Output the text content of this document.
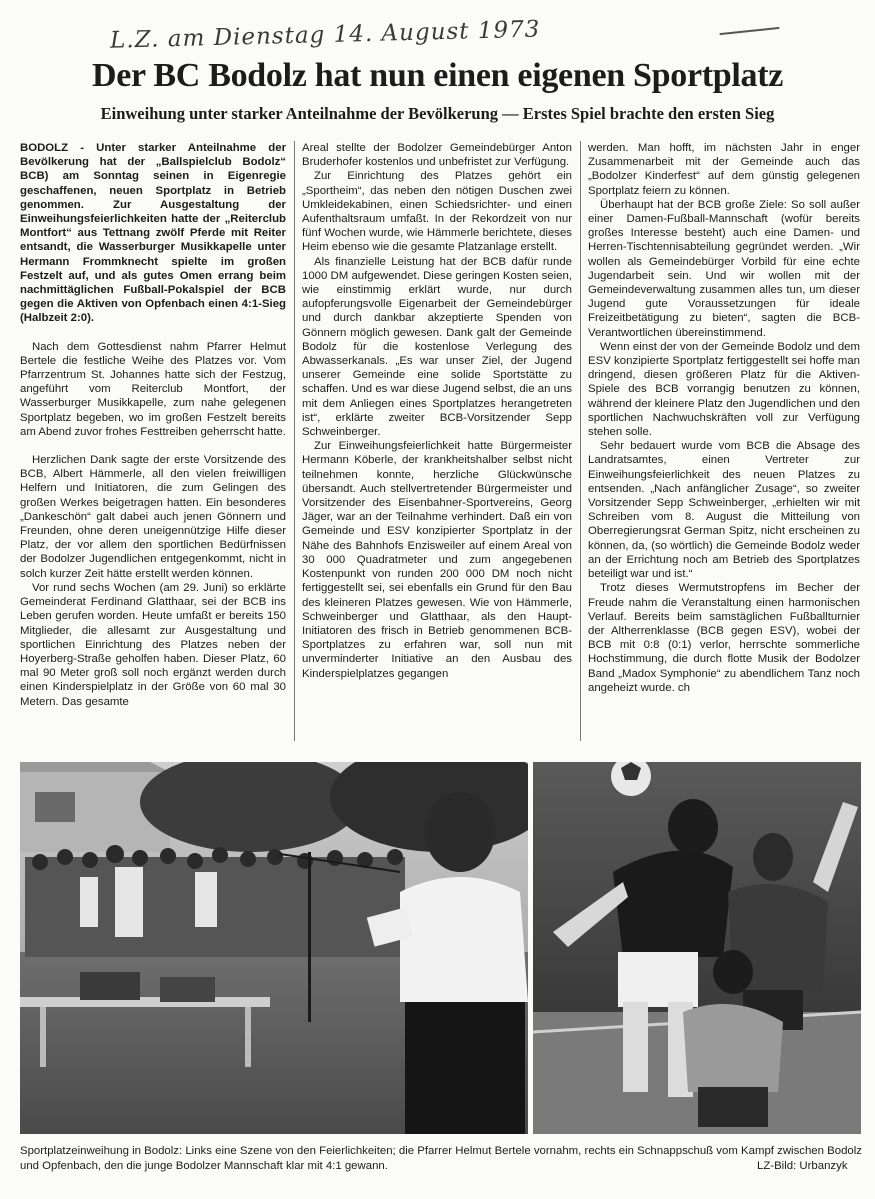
L.Z. am Dienstag 14. August 1973
Der BC Bodolz hat nun einen eigenen Sportplatz
Einweihung unter starker Anteilnahme der Bevölkerung — Erstes Spiel brachte den ersten Sieg

BODOLZ - Unter starker Anteilnahme der Bevölkerung hat der „Ballspielclub Bodolz“ BCB) am Sonntag seinen in Eigenregie geschaffenen, neuen Sportplatz in Betrieb genommen. Zur Ausgestaltung der Einweihungsfeierlichkeiten hatte der „Reiterclub Montfort“ aus Tettnang zwölf Pferde mit Reiter entsandt, die Wasserburger Musikkapelle unter Hermann Frommknecht spielte im großen Festzelt auf, und als gutes Omen errang beim nachmittäglichen Fußball-Pokalspiel der BCB gegen die Aktiven von Opfenbach einen 4:1-Sieg (Halbzeit 2:0).

Nach dem Gottesdienst nahm Pfarrer Helmut Bertele die festliche Weihe des Platzes vor. Vom Pfarrzentrum St. Johannes hatte sich der Festzug, angeführt vom Reiterclub Montfort, der Wasserburger Musikkapelle, zum nahe gelegenen Sportplatz begeben, wo im großen Festzelt bereits am Abend zuvor frohes Festtreiben geherrscht hatte.

Herzlichen Dank sagte der erste Vorsitzende des BCB, Albert Hämmerle, all den vielen freiwilligen Helfern und Initiatoren, die zum Gelingen des großen Werkes beigetragen hatten. Ein besonderes „Dankeschön“ galt dabei auch jenen Gönnern und Freunden, ohne deren uneigennützige Hilfe dieser Platz, der vor allem den sportlichen Bedürfnissen der Bodolzer Jugendlichen entgegenkommt, nicht in solch kurzer Zeit hätte erstellt werden können.

Vor rund sechs Wochen (am 29. Juni) so erklärte Gemeinderat Ferdinand Glatthaar, sei der BCB ins Leben gerufen worden. Heute umfaßt er bereits 150 Mitglieder, die allesamt zur Ausgestaltung und sportlichen Einrichtung des Platzes neben der Hoyerberg-Straße geholfen haben. Dieser Platz, 60 mal 90 Meter groß soll noch ergänzt werden durch einen Kinderspielplatz in der Größe von 60 mal 30 Metern. Das gesamte

Areal stellte der Bodolzer Gemeindebürger Anton Bruderhofer kostenlos und unbefristet zur Verfügung.

Zur Einrichtung des Platzes gehört ein „Sportheim“, das neben den nötigen Duschen zwei Umkleidekabinen, einen Schiedsrichter- und einen Aufenthaltsraum umfaßt. In der Rekordzeit von nur fünf Wochen wurde, wie Hämmerle berichtete, dieses Heim ebenso wie die gesamte Platzanlage erstellt.

Als finanzielle Leistung hat der BCB dafür runde 1000 DM aufgewendet. Diese geringen Kosten seien, wie einstimmig erklärt wurde, nur durch aufopferungsvolle Eigenarbeit der Gemeindebürger und durch dankbar akzeptierte Spenden von Gönnern möglich gewesen. Dank galt der Gemeinde Bodolz für die kostenlose Verlegung des Abwasserkanals. „Es war unser Ziel, der Jugend unserer Gemeinde eine solide Sportstätte zu schaffen. Und es war diese Jugend selbst, die an uns mit dem Anliegen eines Sportplatzes herangetreten ist“, erklärte zweiter BCB-Vorsitzender Sepp Schweinberger.

Zur Einweihungsfeierlichkeit hatte Bürgermeister Hermann Köberle, der krankheitshalber selbst nicht teilnehmen konnte, herzliche Glückwünsche übersandt. Auch stellvertretender Bürgermeister und Vorsitzender des Eisenbahner-Sportvereins, Georg Jäger, war an der Teilnahme verhindert. Daß ein von Gemeinde und ESV konzipierter Sportplatz in der Nähe des Bahnhofs Enzisweiler auf einem Areal von 30 000 Quadratmeter und zum angegebenen Kostenpunkt von runden 200 000 DM noch nicht fertiggestellt sei, sei ebenfalls ein Grund für den Bau des kleineren Platzes gewesen. Wie von Hämmerle, Schweinberger und Glatthaar, als den Haupt-Initiatoren des frisch in Betrieb genommenen BCB-Sportplatzes zu erfahren war, soll nun mit unverminderter Initiative an den Ausbau des Kinderspielplatzes gegangen

werden. Man hofft, im nächsten Jahr in enger Zusammenarbeit mit der Gemeinde auch das „Bodolzer Kinderfest“ auf dem günstig gelegenen Sportplatz feiern zu können.

Überhaupt hat der BCB große Ziele: So soll außer einer Damen-Fußball-Mannschaft (wofür bereits großes Interesse besteht) auch eine Damen- und Herren-Tischtennisabteilung gegründet werden. „Wir wollen als Gemeindebürger Vorbild für eine echte Jugendarbeit sein. Und wir wollen mit der Gemeindeverwaltung zusammen alles tun, um dieser Jugend gute Voraussetzungen für ideale Freizeitbetätigung zu bieten“, sagten die BCB-Verantwortlichen übereinstimmend.

Wenn einst der von der Gemeinde Bodolz und dem ESV konzipierte Sportplatz fertiggestellt sei hoffe man dringend, diesen größeren Platz für die Aktiven-Spiele des BCB vorrangig benutzen zu können, während der kleinere Platz den Jugendlichen und den sportlichen Nachwuchskräften voll zur Verfügung stehen solle.

Sehr bedauert wurde vom BCB die Absage des Landratsamtes, einen Vertreter zur Einweihungsfeierlichkeit des neuen Platzes zu entsenden. „Nach anfänglicher Zusage“, so zweiter Vorsitzender Sepp Schweinberger, „erhielten wir mit Schreiben vom 8. August die Mitteilung von Oberregierungsrat German Spitz, nicht erscheinen zu können, da, (so wörtlich) die Gemeinde Bodolz weder an der Errichtung noch am Betrieb des Sportplatzes beteiligt war und ist.“

Trotz dieses Wermutstropfens im Becher der Freude nahm die Veranstaltung einen harmonischen Verlauf. Bereits beim samstäglichen Fußballturnier der Altherrenklasse (BCB gegen ESV), wobei der BCB mit 0:8 (0:1) verlor, herrschte sommerliche Hochstimmung, die durch flotte Musik der Bodolzer Band „Madox Symphonie“ zu abendlichem Tanz noch angeheizt wurde. ch

Sportplatzeinweihung in Bodolz: Links eine Szene von den Feierlichkeiten; die Pfarrer Helmut Bertele vornahm, rechts ein Schnappschuß vom Kampf zwischen Bodolz und Opfenbach, den die junge Bodolzer Mannschaft klar mit 4:1 gewann.	LZ-Bild: Urbanzyk
